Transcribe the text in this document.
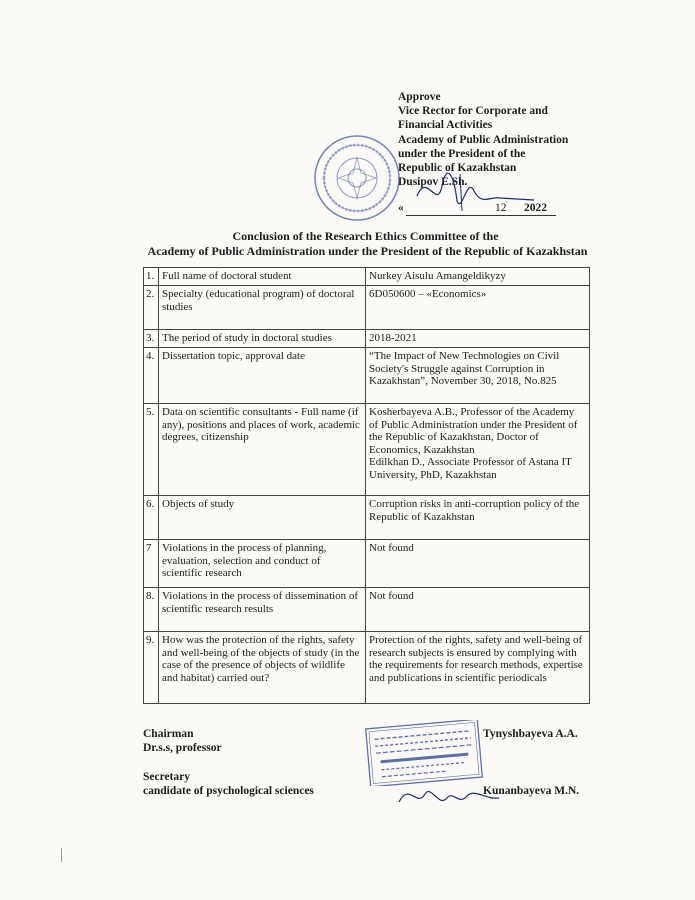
Approve
Vice Rector for Corporate and
Financial Activities
Academy of Public Administration
under the President of the
Republic of Kazakhstan
Dusipov E.Sh.
«	12 2022
Conclusion of the Research Ethics Committee of the
Academy of Public Administration under the President of the Republic of Kazakhstan
1.	Full name of doctoral student	Nurkey Aisulu Amangeldikyzy
2.	Specialty (educational program) of doctoral studies	6D050600 – «Economics»
3.	The period of study in doctoral studies	2018-2021
4.	Dissertation topic, approval date	“The Impact of New Technologies on Civil Society's Struggle against Corruption in Kazakhstan”, November 30, 2018, No.825
5.	Data on scientific consultants - Full name (if any), positions and places of work, academic degrees, citizenship	Kosherbayeva A.B., Professor of the Academy of Public Administration under the President of the Republic of Kazakhstan, Doctor of Economics, Kazakhstan
Edilkhan D., Associate Professor of Astana IT University, PhD, Kazakhstan

6.	Objects of study	Corruption risks in anti-corruption policy of the Republic of Kazakhstan
7	Violations in the process of planning, evaluation, selection and conduct of scientific research	Not found
8.	Violations in the process of dissemination of scientific research results	Not found
9.	How was the protection of the rights, safety and well-being of the objects of study (in the case of the presence of objects of wildlife and habitat) carried out?	Protection of the rights, safety and well-being of research subjects is ensured by complying with the requirements for research methods, expertise and publications in scientific periodicals
Chairman
Dr.s.s, professor
Tynyshbayeva A.A.
Secretary
candidate of psychological sciences	Kunanbayeva M.N.
